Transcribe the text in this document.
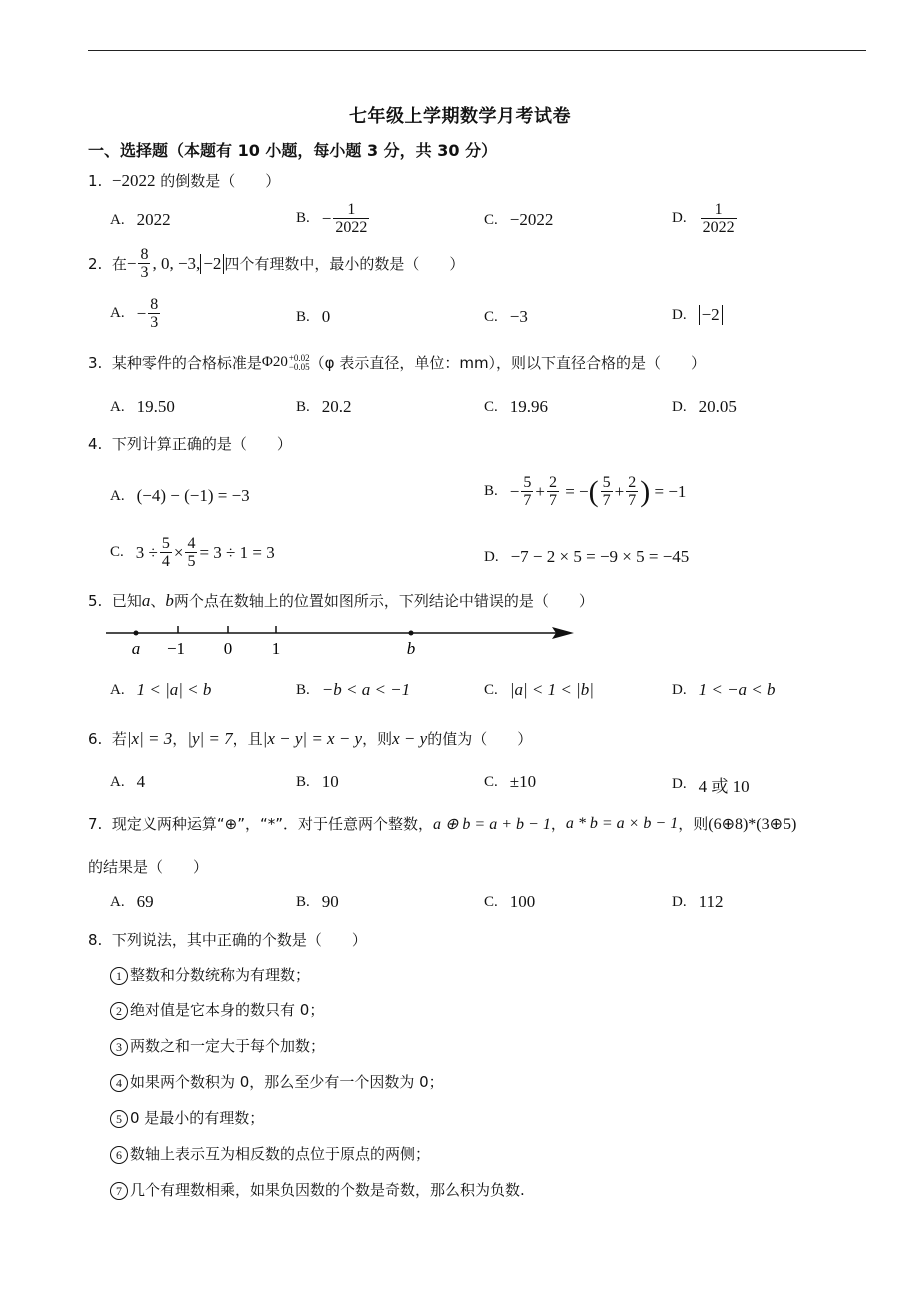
七年级上学期数学月考试卷
一、选择题（本题有 10 小题，每小题 3 分，共 30 分）
1. −2022 的倒数是（　　）
A. 2022	B. − $\frac{1}{2022}$	C. −2022	D. $\frac{1}{2022}$
2.
在 − $\frac{8}{3}$ , 0, −3, −2 四个有理数中，最小的数是（　　）
A. − $\frac{8}{3}$	B. 0	C. −3	D. −2
3.
某种零件的合格标准是 Φ20 +0.02
−0.05 （φ 表示直径，单位：mm），则以下直径合格的是（　　）
A. 19.50	B. 20.2	C. 19.96	D. 20.05
4. 下列计算正确的是（　　）
A. (−4) − (−1) = −3	B. − $\frac{5}{7} + \frac{2}{7}$ = − ( $\frac{5}{7} + \frac{2}{7}$ ) = −1
C. $3 \div \frac{5}{4} \times \frac{4}{5} = 3 \div 1 = 3$	D. −7 − 2 × 5 = −9 × 5 = −45
5. 已知a、b两个点在数轴上的位置如图所示，下列结论中错误的是（　　）
a −1 0 1	b
A. 1 < |a| < b	B. −b < a < −1	C. |a| < 1 < |b|	D. 1 < −a < b
6.
若 |x| = 3 ， |y| = 7 ，且 |x − y| = x − y ，则 x − y 的值为（　　）
A. 4	B. 10	C. ±10	D. 4 或 10
7.
现定义两种运算“⊕”，“*”．对于任意两个整数， a ⊕ b = a + b − 1 ， a * b = a × b − 1 ，则 (6⊕8)*(3⊕5)
的结果是（　　）
A. 69	B. 90	C. 100	D. 112
8. 下列说法，其中正确的个数是（　　）
1 整数和分数统称为有理数；
2 绝对值是它本身的数只有 0；
3 两数之和一定大于每个加数；
4 如果两个数积为 0，那么至少有一个因数为 0；
5 0 是最小的有理数；
6 数轴上表示互为相反数的点位于原点的两侧；
7 几个有理数相乘，如果负因数的个数是奇数，那么积为负数.
